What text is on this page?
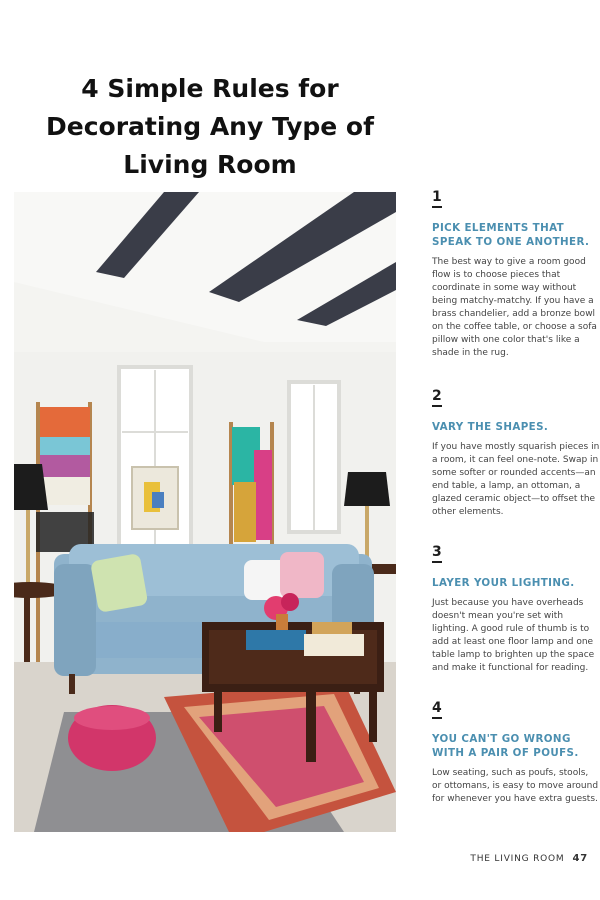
4 Simple Rules for Decorating Any Type of Living Room
1
PICK ELEMENTS THAT SPEAK TO ONE ANOTHER.
The best way to give a room good flow is to choose pieces that coordinate in some way without being matchy-matchy. If you have a brass chandelier, add a bronze bowl on the coffee table, or choose a sofa pillow with one color that's like a shade in the rug.
2
VARY THE SHAPES.
If you have mostly squarish pieces in a room, it can feel one-note. Swap in some softer or rounded accents—an end table, a lamp, an ottoman, a glazed ceramic object—to offset the other elements.
3
LAYER YOUR LIGHTING.
Just because you have overheads doesn't mean you're set with lighting. A good rule of thumb is to add at least one floor lamp and one table lamp to brighten up the space and make it functional for reading.
4
YOU CAN'T GO WRONG WITH A PAIR OF POUFS.
Low seating, such as poufs, stools, or ottomans, is easy to move around for whenever you have extra guests.
THE LIVING ROOM 47
